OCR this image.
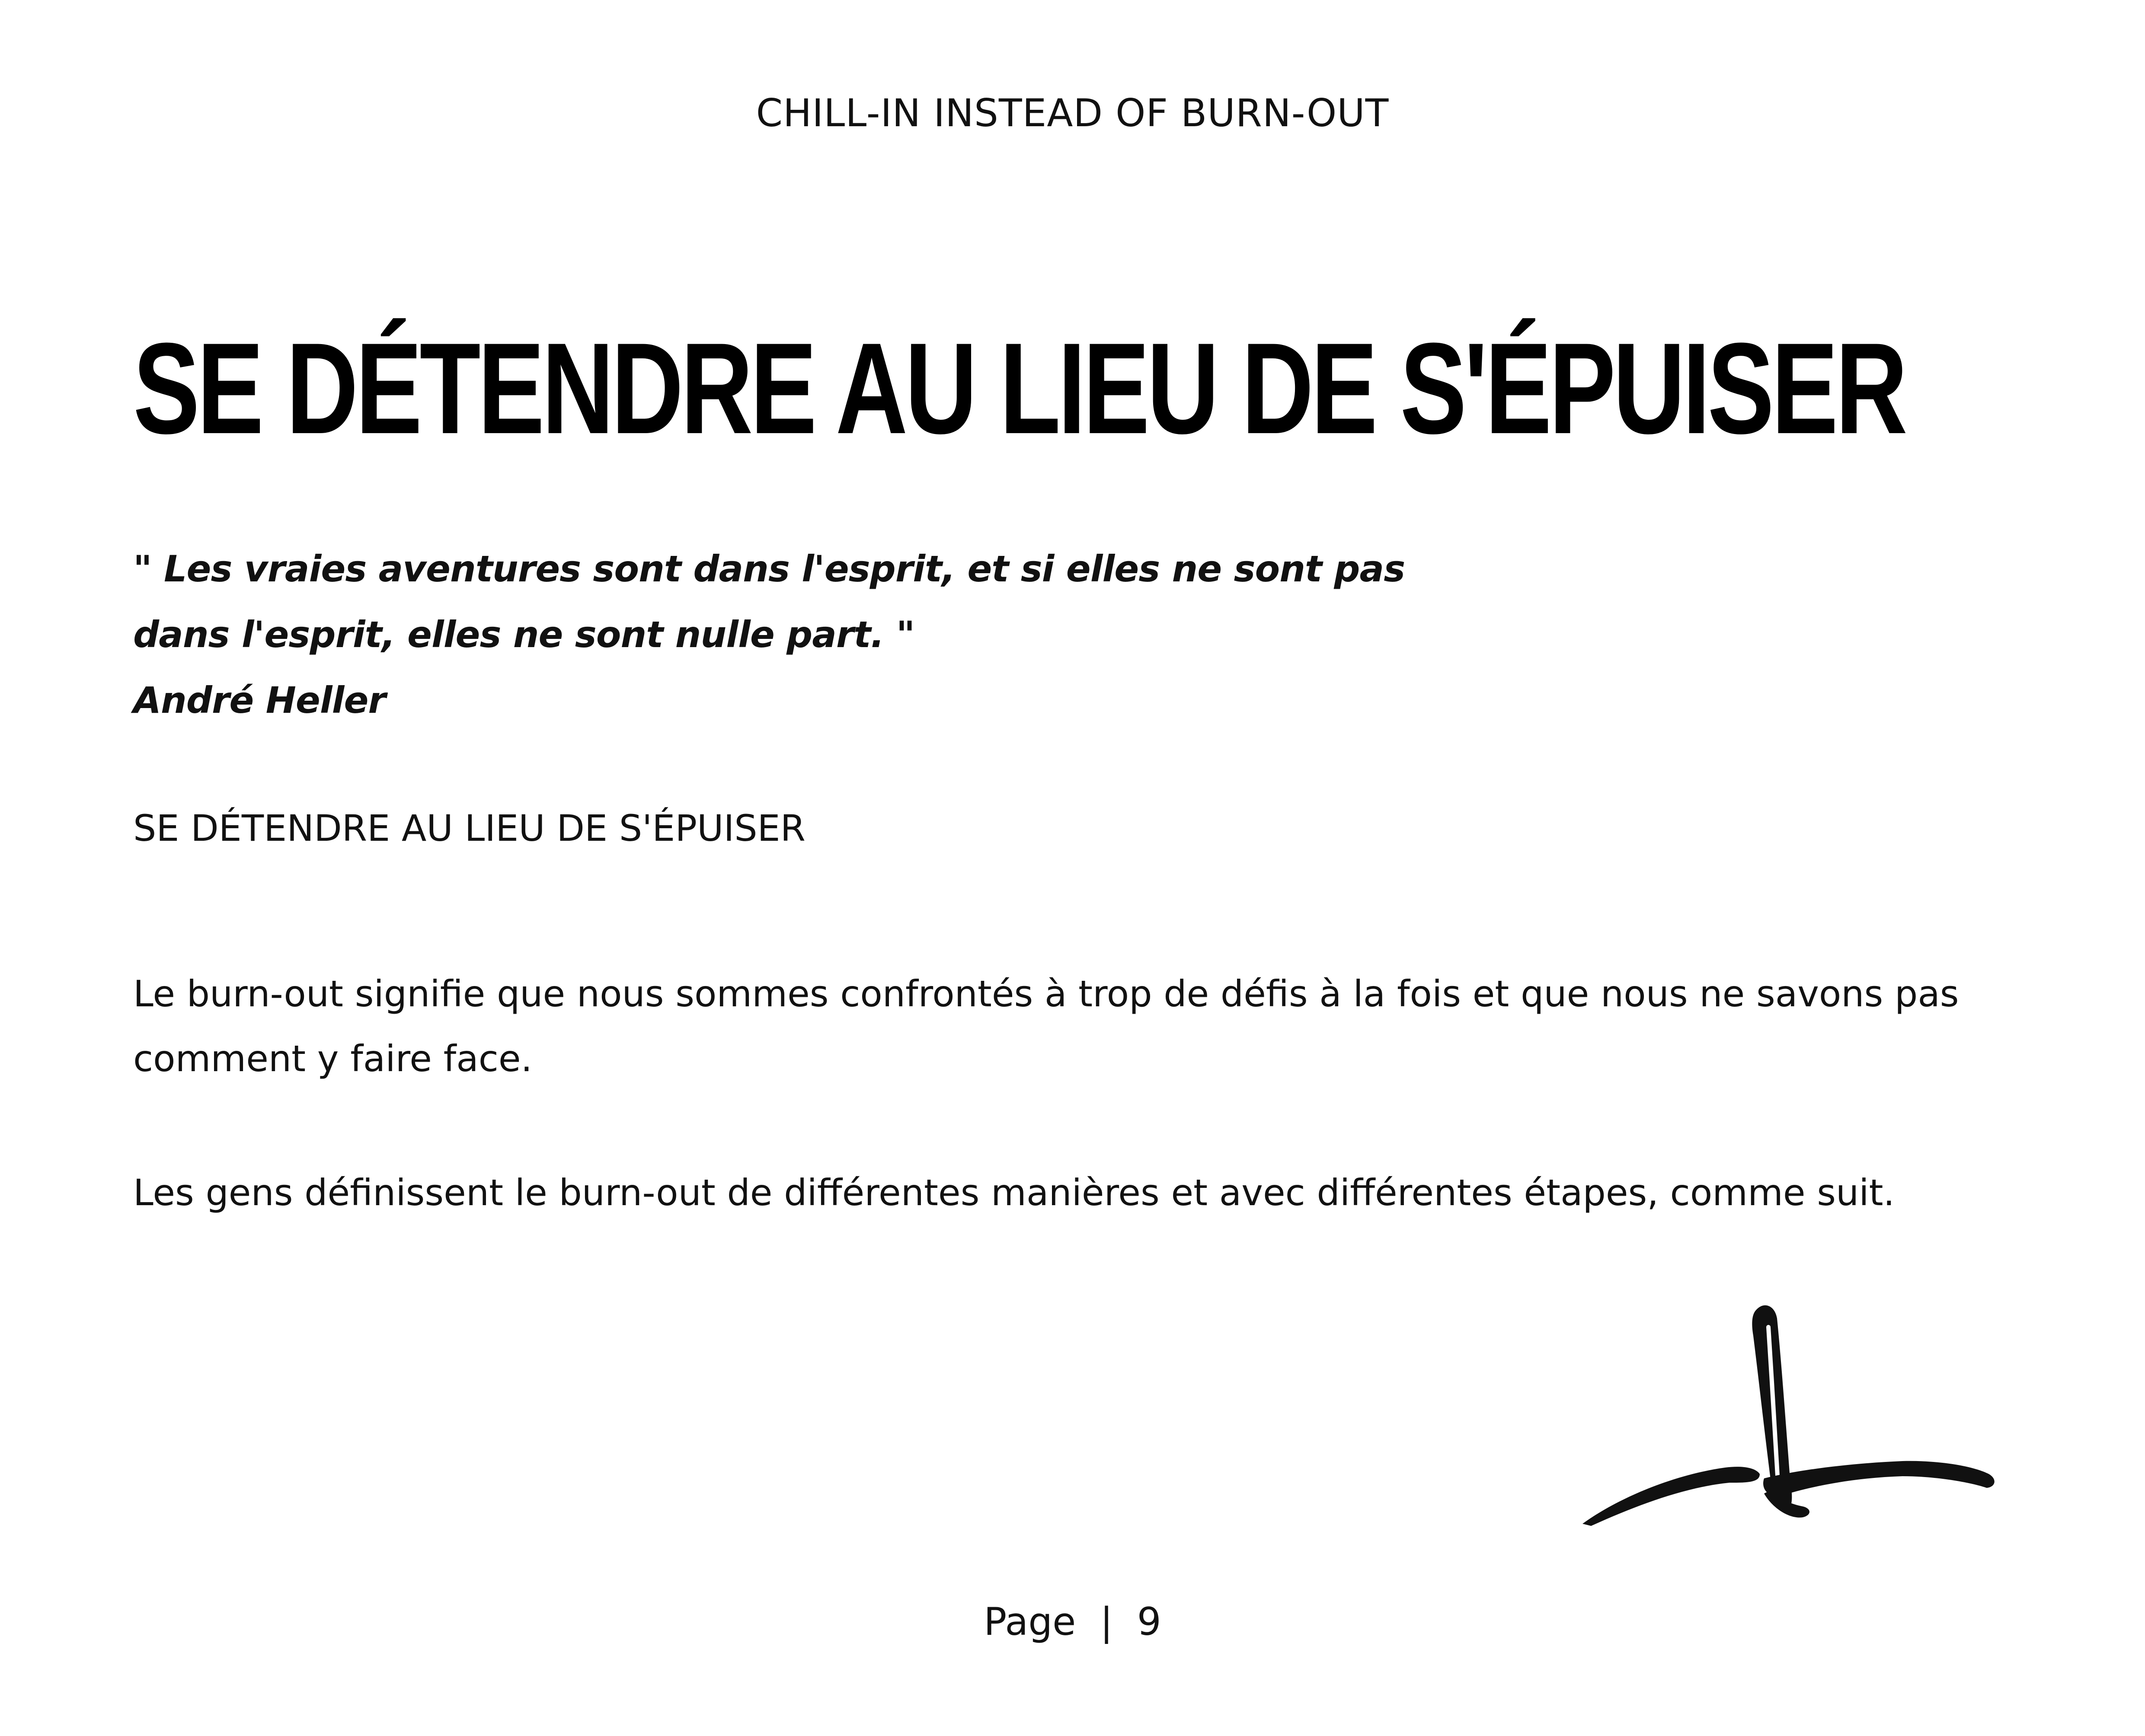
CHILL-IN INSTEAD OF BURN-OUT
SE DÉTENDRE AU LIEU DE S'ÉPUISER
" Les vraies aventures sont dans l'esprit, et si elles ne sont pas
dans l'esprit, elles ne sont nulle part. "
André Heller
SE DÉTENDRE AU LIEU DE S'ÉPUISER

Le burn-out signifie que nous sommes confrontés à trop de défis à la fois et que nous ne savons pas comment y faire face.

Les gens définissent le burn-out de différentes manières et avec différentes étapes, comme suit.

Page | 9
